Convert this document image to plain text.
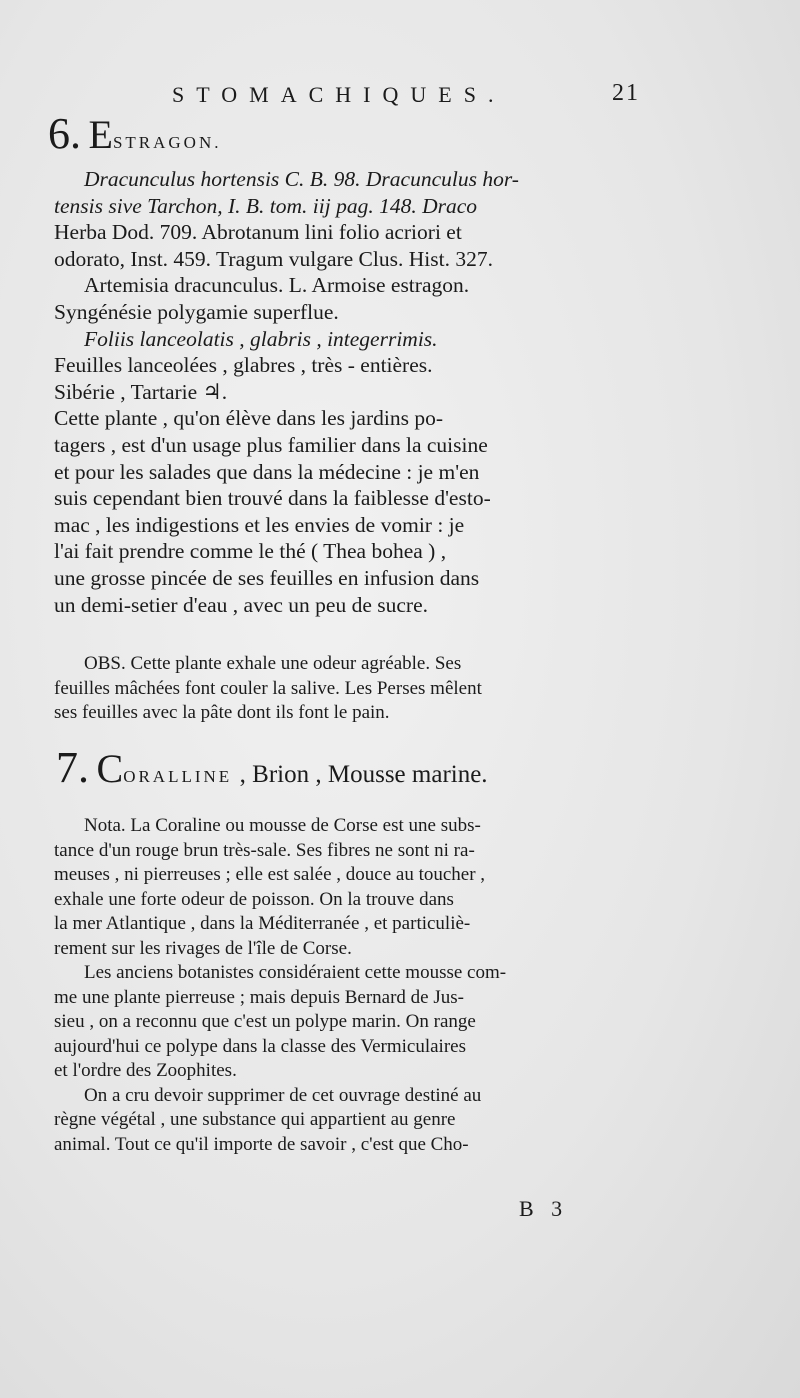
STOMACHIQUES.	21
6. ESTRAGON.
Dracunculus hortensis C. B. 98. Dracunculus hor-
tensis sive Tarchon, I. B. tom. iij pag. 148. Draco
Herba Dod. 709. Abrotanum lini folio acriori et
odorato, Inst. 459. Tragum vulgare Clus. Hist. 327.
Artemisia dracunculus. L. Armoise estragon.
Syngénésie polygamie superflue.
Foliis lanceolatis , glabris , integerrimis.
Feuilles lanceolées , glabres , très - entières.
Sibérie , Tartarie ♃.
Cette plante , qu'on élève dans les jardins po-
tagers , est d'un usage plus familier dans la cuisine
et pour les salades que dans la médecine : je m'en
suis cependant bien trouvé dans la faiblesse d'esto-
mac , les indigestions et les envies de vomir : je
l'ai fait prendre comme le thé ( Thea bohea ) ,
une grosse pincée de ses feuilles en infusion dans
un demi-setier d'eau , avec un peu de sucre.
OBS. Cette plante exhale une odeur agréable. Ses
feuilles mâchées font couler la salive. Les Perses mêlent
ses feuilles avec la pâte dont ils font le pain.
7. CORALLINE , Brion , Mousse marine.
Nota. La Coraline ou mousse de Corse est une subs-
tance d'un rouge brun très-sale. Ses fibres ne sont ni ra-
meuses , ni pierreuses ; elle est salée , douce au toucher ,
exhale une forte odeur de poisson. On la trouve dans
la mer Atlantique , dans la Méditerranée , et particuliè-
rement sur les rivages de l'île de Corse.
Les anciens botanistes considéraient cette mousse com-
me une plante pierreuse ; mais depuis Bernard de Jus-
sieu , on a reconnu que c'est un polype marin. On range
aujourd'hui ce polype dans la classe des Vermiculaires
et l'ordre des Zoophites.
On a cru devoir supprimer de cet ouvrage destiné au
règne végétal , une substance qui appartient au genre
animal. Tout ce qu'il importe de savoir , c'est que Cho-
B 3
